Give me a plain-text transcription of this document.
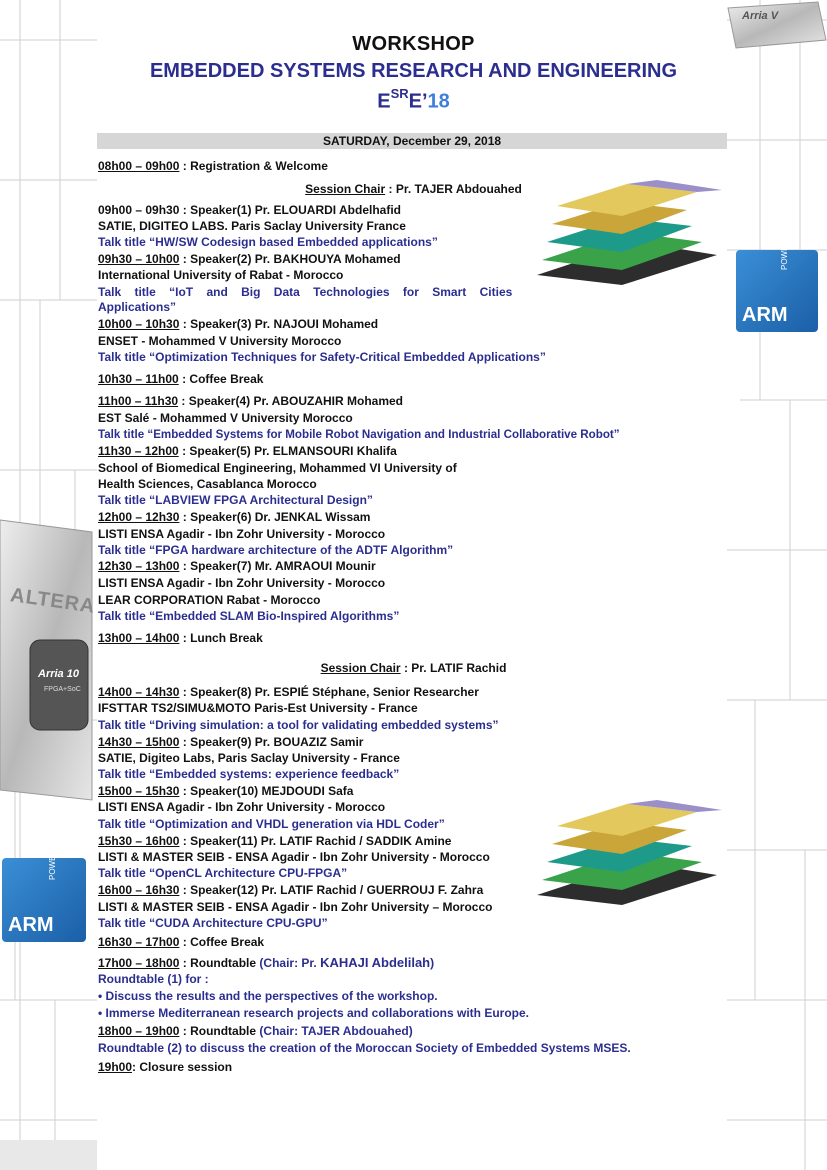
Arria V
Arria 10
FPGA+SoC
ALTERA
ARM
POWERED
ARM
POWERED
WORKSHOP
EMBEDDED SYSTEMS RESEARCH AND ENGINEERING
$E^{SR}E’18$
SATURDAY, December 29, 2018
08h00 – 09h00 : Registration & Welcome
Session Chair : Pr. TAJER Abdouahed
09h00 – 09h30 : Speaker(1) Pr. ELOUARDI Abdelhafid
SATIE, DIGITEO LABS. Paris Saclay University France
Talk title “HW/SW Codesign based Embedded applications”
09h30 – 10h00 : Speaker(2) Pr. BAKHOUYA Mohamed
International University of Rabat - Morocco
Talk    title    “IoT    and    Big    Data    Technologies    for    Smart    Cities
Applications”
10h00 – 10h30 : Speaker(3) Pr. NAJOUI Mohamed
ENSET - Mohammed V University Morocco
Talk title “Optimization Techniques for Safety-Critical Embedded Applications”
10h30 – 11h00 : Coffee Break
11h00 – 11h30 : Speaker(4) Pr. ABOUZAHIR Mohamed
EST Salé - Mohammed V University Morocco
Talk title “Embedded Systems for Mobile Robot Navigation and Industrial Collaborative Robot”
11h30 – 12h00 : Speaker(5) Pr. ELMANSOURI Khalifa
School of Biomedical Engineering, Mohammed VI University of
Health Sciences, Casablanca Morocco
Talk title “LABVIEW FPGA Architectural Design”
12h00 – 12h30 : Speaker(6) Dr. JENKAL Wissam
LISTI ENSA Agadir - Ibn Zohr University - Morocco
Talk title “FPGA hardware architecture of the ADTF Algorithm”
12h30 – 13h00 : Speaker(7) Mr. AMRAOUI Mounir
LISTI ENSA Agadir - Ibn Zohr University - Morocco
LEAR CORPORATION Rabat - Morocco
Talk title “Embedded SLAM Bio-Inspired Algorithms”
13h00 – 14h00 : Lunch Break
Session Chair : Pr. LATIF Rachid
14h00 – 14h30 : Speaker(8) Pr. ESPIÉ Stéphane, Senior Researcher
IFSTTAR TS2/SIMU&MOTO Paris-Est University - France
Talk title “Driving simulation: a tool for validating embedded systems”
14h30 – 15h00 : Speaker(9) Pr. BOUAZIZ Samir
SATIE, Digiteo Labs, Paris Saclay University - France
Talk title “Embedded systems: experience feedback”
15h00 – 15h30 : Speaker(10) MEJDOUDI Safa
LISTI ENSA Agadir - Ibn Zohr University - Morocco
Talk title “Optimization and VHDL generation via HDL Coder”
15h30 – 16h00 : Speaker(11) Pr. LATIF Rachid / SADDIK Amine
LISTI & MASTER SEIB - ENSA Agadir - Ibn Zohr University - Morocco
Talk title “OpenCL Architecture CPU-FPGA”
16h00 – 16h30 : Speaker(12) Pr. LATIF Rachid / GUERROUJ F. Zahra
LISTI & MASTER SEIB - ENSA Agadir - Ibn Zohr University – Morocco
Talk title “CUDA Architecture CPU-GPU”
16h30 – 17h00 : Coffee Break
17h00 – 18h00 : Roundtable (Chair: Pr. KAHAJI Abdelilah)
Roundtable (1) for :
• Discuss the results and the perspectives of the workshop.
• Immerse Mediterranean research projects and collaborations with Europe.
18h00 – 19h00 : Roundtable (Chair: TAJER Abdouahed)
Roundtable (2) to discuss the creation of the Moroccan Society of Embedded Systems MSES.
19h00: Closure session
